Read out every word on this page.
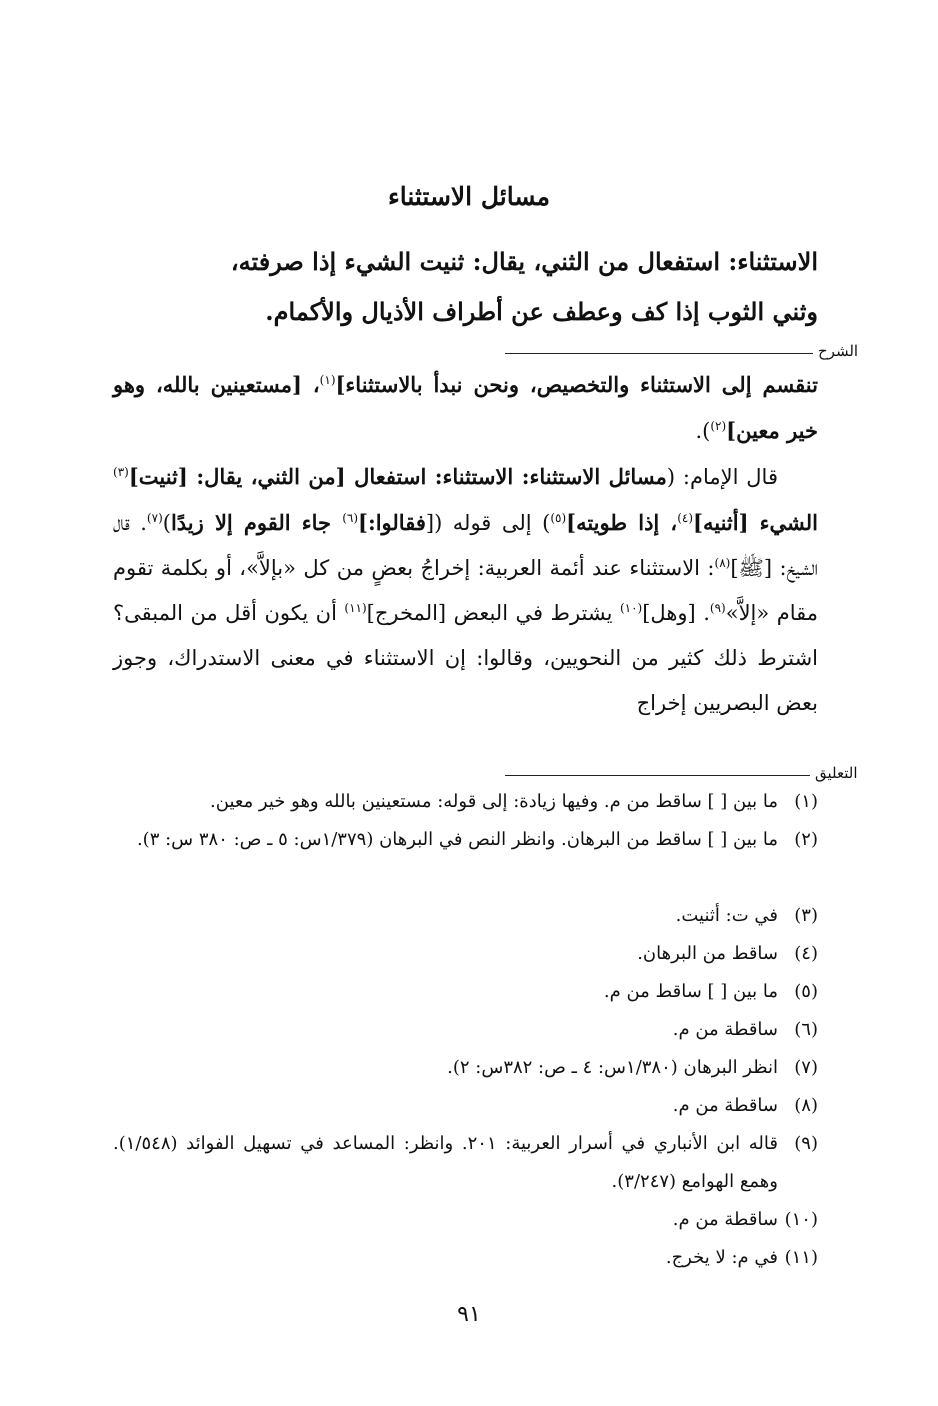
مسائل الاستثناء
الاستثناء: استفعال من الثني، يقال: ثنيت الشيء إذا صرفته،
وثني الثوب إذا كف وعطف عن أطراف الأذيال والأكمام.
الشرح

تنقسم إلى الاستثناء والتخصيص، ونحن نبدأ بالاستثناء]$^{(١)}$، [مستعينين بالله، وهو خير معين]$^{(٢)}$).

قال الإمام: (مسائل الاستثناء: الاستثناء: استفعال [من الثني، يقال: [ثنيت]$^{(٣)}$ الشيء [أثنيه]$^{(٤)}$، إذا طويته]$^{(٥)}$) إلى قوله ([فقالوا:]$^{(٦)}$ جاء القوم إلا زيدًا)$^{(٧)}$. قال الشيخ: [ﷺ]$^{(٨)}$: الاستثناء عند أئمة العربية: إخراجُ بعضٍ من كل «بإلاَّ»، أو بكلمة تقوم مقام «إلاَّ»$^{(٩)}$. [وهل]$^{(١٠)}$ يشترط في البعض [المخرج]$^{(١١)}$ أن يكون أقل من المبقى؟ اشترط ذلك كثير من النحويين، وقالوا: إن الاستثناء في معنى الاستدراك، وجوز بعض البصريين إخراج

التعليق
(١)
ما بين [ ] ساقط من م. وفيها زيادة: إلى قوله: مستعينين بالله وهو خير معين.
(٢)
ما بين [ ] ساقط من البرهان. وانظر النص في البرهان (١/٣٧٩س: ٥ ـ ص: ٣٨٠ س: ٣).
(٣)
في ت: أثنيت.
(٤)
ساقط من البرهان.
(٥)
ما بين [ ] ساقط من م.
(٦)
ساقطة من م.
(٧)
انظر البرهان (١/٣٨٠س: ٤ ـ ص: ٣٨٢س: ٢).
(٨)
ساقطة من م.
(٩)
قاله ابن الأنباري في أسرار العربية: ٢٠١. وانظر: المساعد في تسهيل الفوائد (١/٥٤٨). وهمع الهوامع (٣/٢٤٧).
(١٠)
ساقطة من م.
(١١)
في م: لا يخرج.
٩١
